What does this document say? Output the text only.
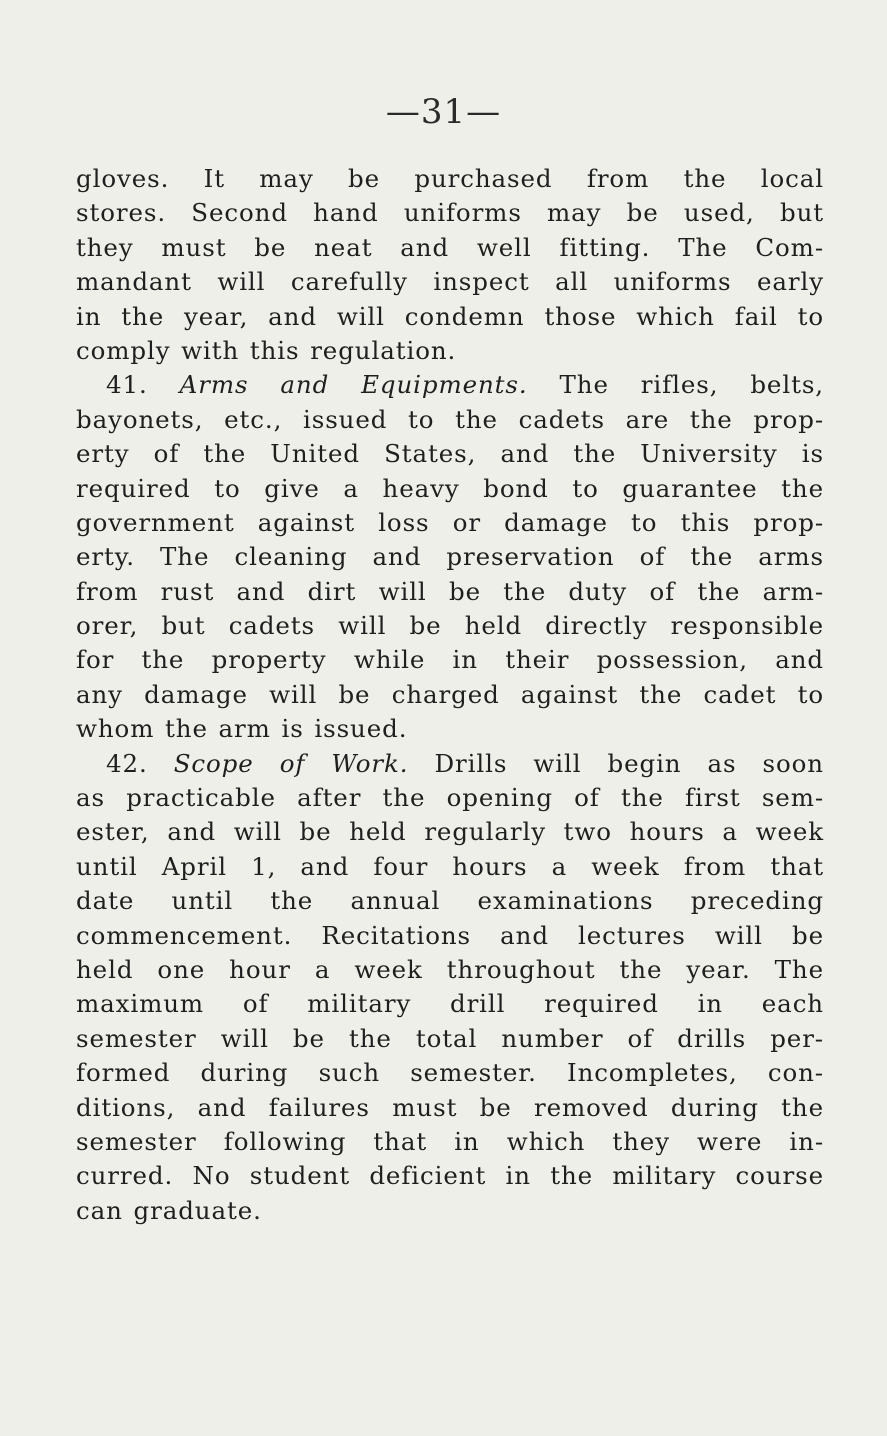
—31—
gloves. It may be purchased from the local
stores. Second hand uniforms may be used, but
they must be neat and well fitting. The Com-
mandant will carefully inspect all uniforms early
in the year, and will condemn those which fail to
comply with this regulation.
41. Arms and Equipments. The rifles, belts,
bayonets, etc., issued to the cadets are the prop-
erty of the United States, and the University is
required to give a heavy bond to guarantee the
government against loss or damage to this prop-
erty. The cleaning and preservation of the arms
from rust and dirt will be the duty of the arm-
orer, but cadets will be held directly responsible
for the property while in their possession, and
any damage will be charged against the cadet to
whom the arm is issued.
42. Scope of Work. Drills will begin as soon
as practicable after the opening of the first sem-
ester, and will be held regularly two hours a week
until April 1, and four hours a week from that
date until the annual examinations preceding
commencement. Recitations and lectures will be
held one hour a week throughout the year. The
maximum of military drill required in each
semester will be the total number of drills per-
formed during such semester. Incompletes, con-
ditions, and failures must be removed during the
semester following that in which they were in-
curred. No student deficient in the military course
can graduate.
